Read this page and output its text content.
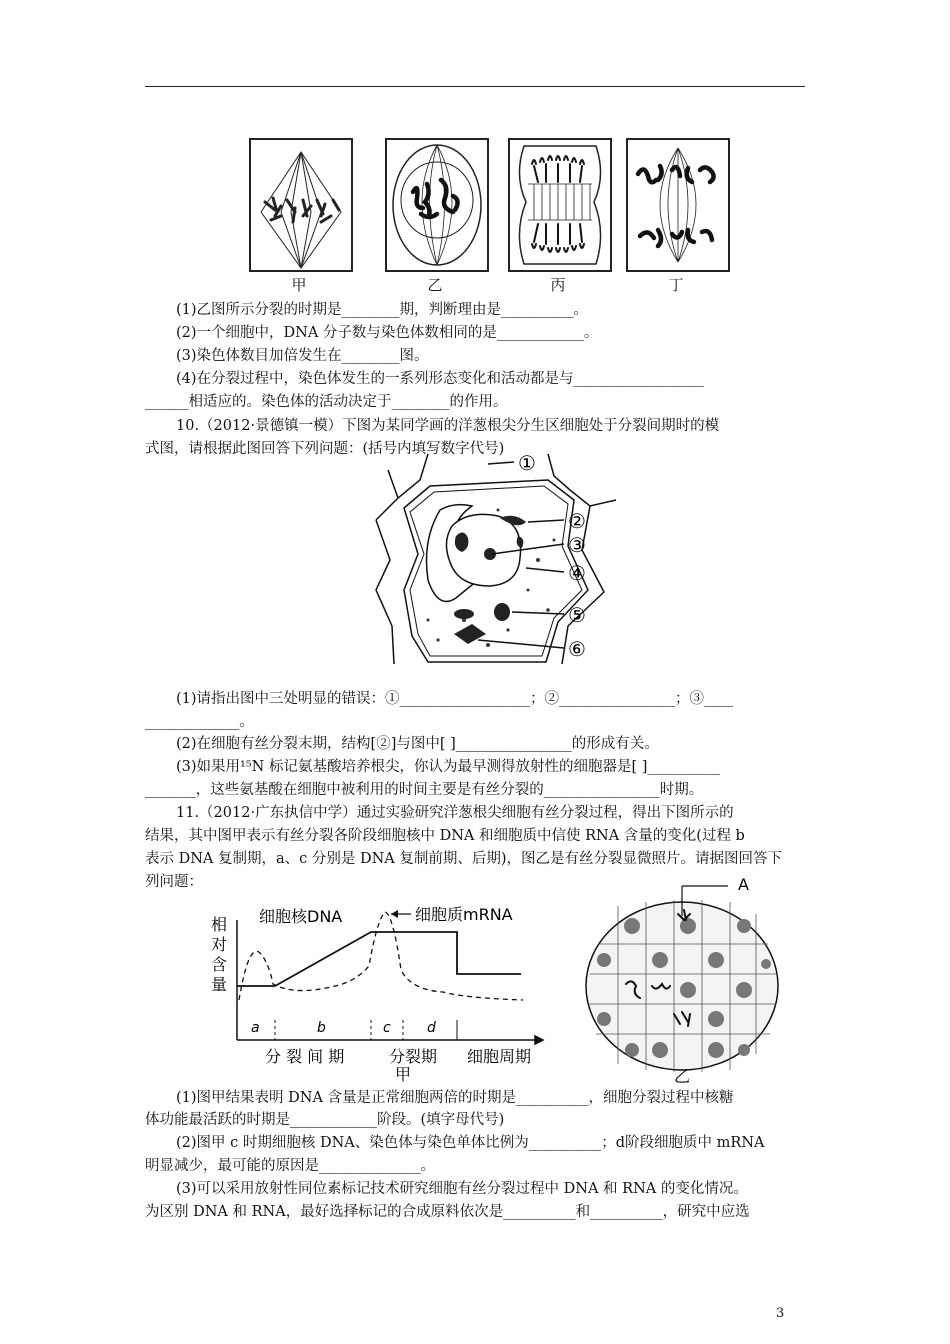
甲	乙	丙	丁
(1)乙图所示分裂的时期是________期，判断理由是__________。
(2)一个细胞中，DNA 分子数与染色体数相同的是____________。
(3)染色体数目加倍发生在________图。
(4)在分裂过程中，染色体发生的一系列形态变化和活动都是与__________________
______相适应的。染色体的活动决定于________的作用。
10.（2012·景德镇一模）下图为某同学画的洋葱根尖分生区细胞处于分裂间期时的模
式图，请根据此图回答下列问题：(括号内填写数字代号)
①
②
③
④
⑤
⑥
(1)请指出图中三处明显的错误：①__________________；②________________；③____
_____________。
(2)在细胞有丝分裂末期，结构[②]与图中[ ]________________的形成有关。
(3)如果用¹⁵N 标记氨基酸培养根尖，你认为最早测得放射性的细胞器是[ ]__________
_______，这些氨基酸在细胞中被利用的时间主要是有丝分裂的________________时期。
11.（2012·广东执信中学）通过实验研究洋葱根尖细胞有丝分裂过程，得出下图所示的
结果，其中图甲表示有丝分裂各阶段细胞核中 DNA 和细胞质中信使 RNA 含量的变化(过程 b
表示 DNA 复制期，a、c 分别是 DNA 复制前期、后期)，图乙是有丝分裂显微照片。请据图回答下
列问题：
相
对
含
量
细胞核DNA	细胞质mRNA
a	b	c	d
分 裂 间 期	分裂期 细胞周期
甲
A
乙
(1)图甲结果表明 DNA 含量是正常细胞两倍的时期是__________，细胞分裂过程中核糖
体功能最活跃的时期是____________阶段。(填字母代号)
(2)图甲 c 时期细胞核 DNA、染色体与染色单体比例为__________；d阶段细胞质中 mRNA
明显减少，最可能的原因是______________。
(3)可以采用放射性同位素标记技术研究细胞有丝分裂过程中 DNA 和 RNA 的变化情况。
为区别 DNA 和 RNA，最好选择标记的合成原料依次是__________和__________，研究中应选
3
